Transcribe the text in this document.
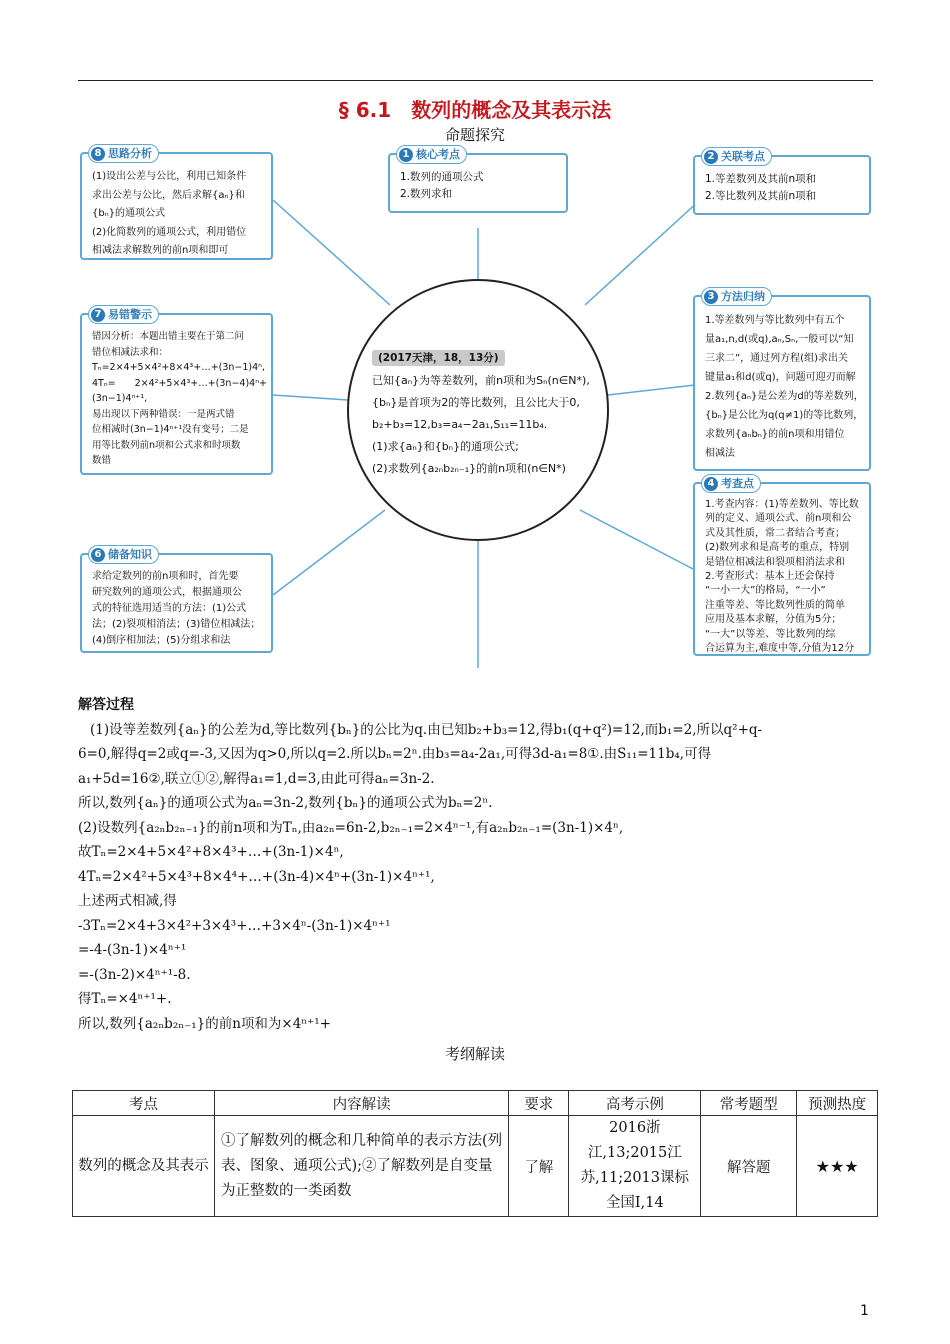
§ 6.1　数列的概念及其表示法
命题探究
(2017天津，18，13分)
已知{aₙ}为等差数列，前n项和为Sₙ(n∈N*),
{bₙ}是首项为2的等比数列，且公比大于0,
b₂+b₃=12,b₃=a₄−2a₁,S₁₁=11b₄.
(1)求{aₙ}和{bₙ}的通项公式;
(2)求数列{a₂ₙb₂ₙ₋₁}的前n项和(n∈N*)
1 核心考点
1.数列的通项公式
2.数列求和
2 关联考点
1.等差数列及其前n项和
2.等比数列及其前n项和
3 方法归纳
1.等差数列与等比数列中有五个
量a₁,n,d(或q),aₙ,Sₙ,一般可以“知
三求二”，通过列方程(组)求出关
键量a₁和d(或q)，问题可迎刃而解
2.数列{aₙ}是公差为d的等差数列，
{bₙ}是公比为q(q≠1)的等比数列，
求数列{aₙbₙ}的前n项和用错位
相减法
4 考查点
1.考查内容：(1)等差数列、等比数
列的定义、通项公式、前n项和公
式及其性质，常二者结合考查；
(2)数列求和是高考的重点，特别
是错位相减法和裂项相消法求和
2.考查形式：基本上还会保持
“一小一大”的格局，“一小”
注重等差、等比数列性质的简单
应用及基本求解，分值为5分；
“一大”以等差、等比数列的综
合运算为主,难度中等,分值为12分
8 思路分析
(1)设出公差与公比，利用已知条件
求出公差与公比，然后求解{aₙ}和
{bₙ}的通项公式
(2)化简数列的通项公式，利用错位
相减法求解数列的前n项和即可
7 易错警示
错因分析：本题出错主要在于第二问
错位相减法求和：
Tₙ=2×4+5×4²+8×4³+…+(3n−1)4ⁿ,
4Tₙ=　　2×4²+5×4³+…+(3n−4)4ⁿ+
(3n−1)4ⁿ⁺¹,
易出现以下两种错误：一是两式错
位相减时(3n−1)4ⁿ⁺¹没有变号；二是
用等比数列前n项和公式求和时项数
数错
6 储备知识
求给定数列的前n项和时，首先要
研究数列的通项公式，根据通项公
式的特征选用适当的方法：(1)公式
法；(2)裂项相消法；(3)错位相减法；
(4)倒序相加法；(5)分组求和法
解答过程
(1)设等差数列{aₙ}的公差为d,等比数列{bₙ}的公比为q.由已知b₂+b₃=12,得b₁(q+q²)=12,而b₁=2,所以q²+q-
6=0,解得q=2或q=-3,又因为q>0,所以q=2.所以bₙ=2ⁿ.由b₃=a₄-2a₁,可得3d-a₁=8①.由S₁₁=11b₄,可得
a₁+5d=16②,联立①②,解得a₁=1,d=3,由此可得aₙ=3n-2.
所以,数列{aₙ}的通项公式为aₙ=3n-2,数列{bₙ}的通项公式为bₙ=2ⁿ.
(2)设数列{a₂ₙb₂ₙ₋₁}的前n项和为Tₙ,由a₂ₙ=6n-2,b₂ₙ₋₁=2×4ⁿ⁻¹,有a₂ₙb₂ₙ₋₁=(3n-1)×4ⁿ,
故Tₙ=2×4+5×4²+8×4³+…+(3n-1)×4ⁿ,
4Tₙ=2×4²+5×4³+8×4⁴+…+(3n-4)×4ⁿ+(3n-1)×4ⁿ⁺¹,
上述两式相减,得
-3Tₙ=2×4+3×4²+3×4³+…+3×4ⁿ-(3n-1)×4ⁿ⁺¹
=-4-(3n-1)×4ⁿ⁺¹
=-(3n-2)×4ⁿ⁺¹-8.
得Tₙ=×4ⁿ⁺¹+.
所以,数列{a₂ₙb₂ₙ₋₁}的前n项和为×4ⁿ⁺¹+
考纲解读
考点	内容解读	要求	高考示例	常考题型	预测热度
数列的概念及其表示	①了解数列的概念和几种简单的表示方法(列表、图象、通项公式);②了解数列是自变量为正整数的一类函数	了解	2016浙江,13;2015江苏,11;2013课标全国Ⅰ,14	解答题	★★★
1
